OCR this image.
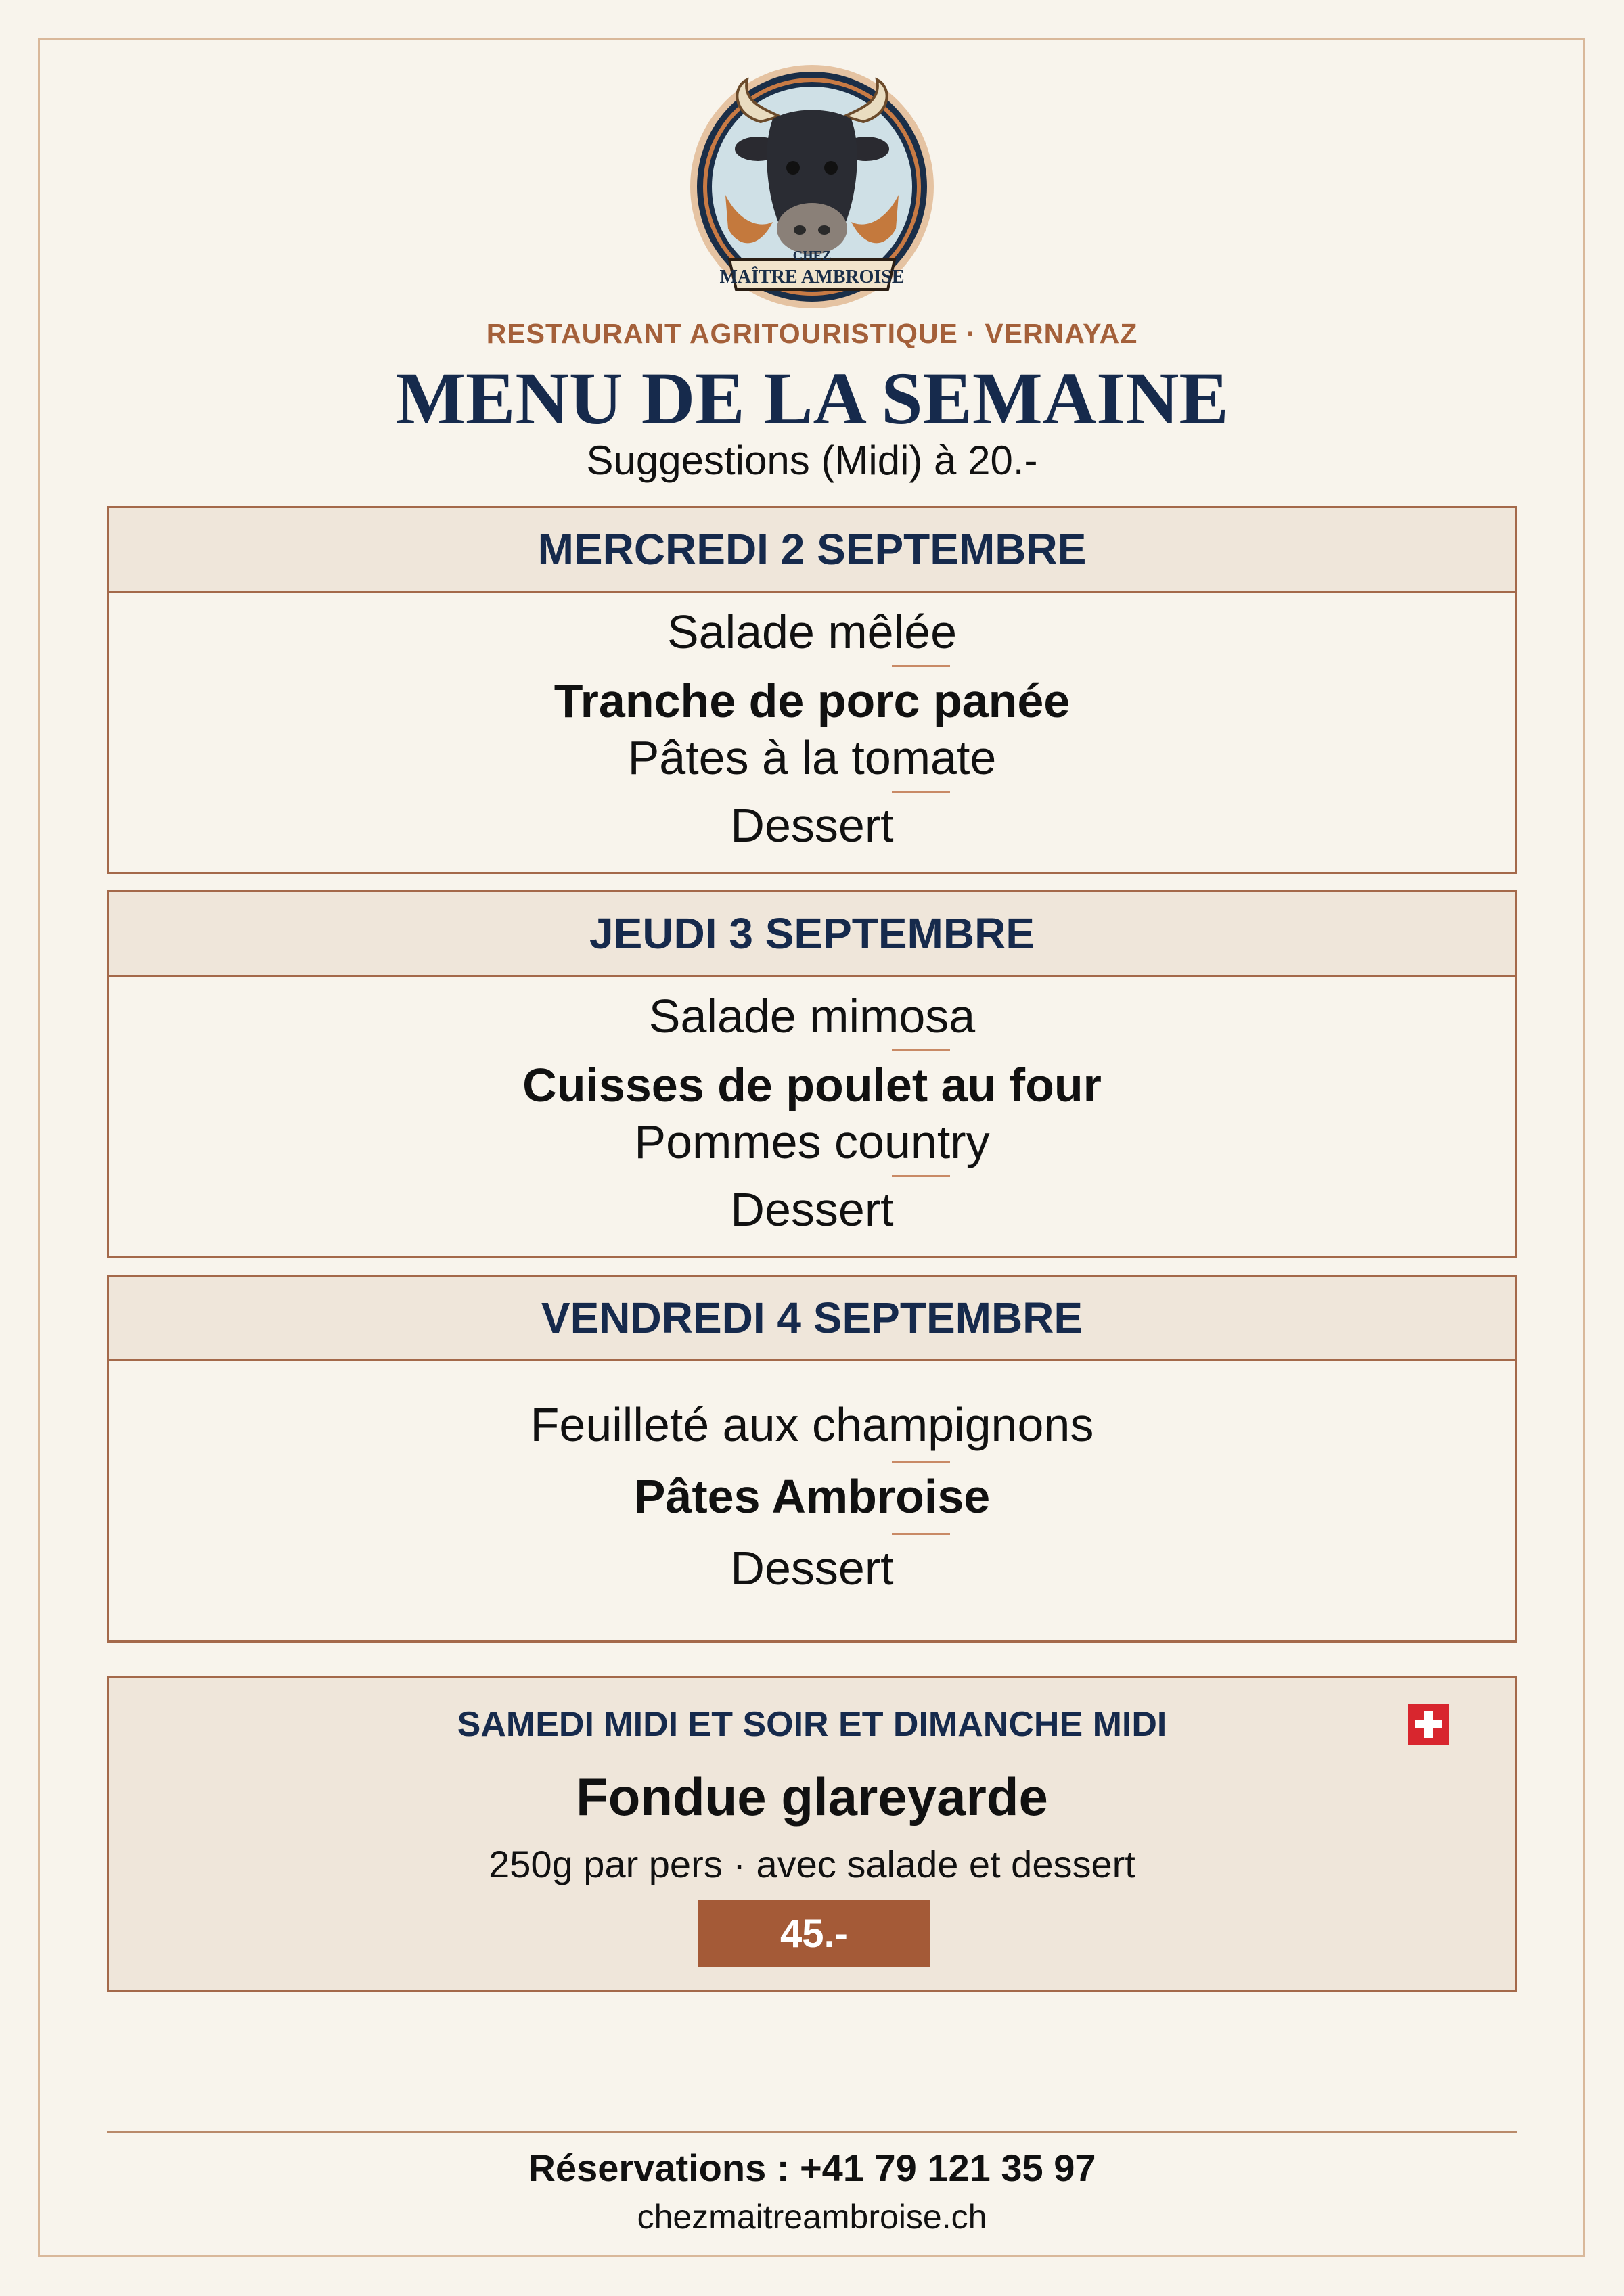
CHEZ
MAÎTRE AMBROISE
RESTAURANT AGRITOURISTIQUE · VERNAYAZ
MENU DE LA SEMAINE
Suggestions (Midi) à 20.-
MERCREDI 2 SEPTEMBRE
Salade mêlée
Tranche de porc panée
Pâtes à la tomate
Dessert
JEUDI 3 SEPTEMBRE
Salade mimosa
Cuisses de poulet au four
Pommes country
Dessert
VENDREDI 4 SEPTEMBRE
Feuilleté aux champignons
Pâtes Ambroise
Dessert
SAMEDI MIDI ET SOIR ET DIMANCHE MIDI
Fondue glareyarde
250g par pers · avec salade et dessert
45.-
Réservations : +41 79 121 35 97
chezmaitreambroise.ch
